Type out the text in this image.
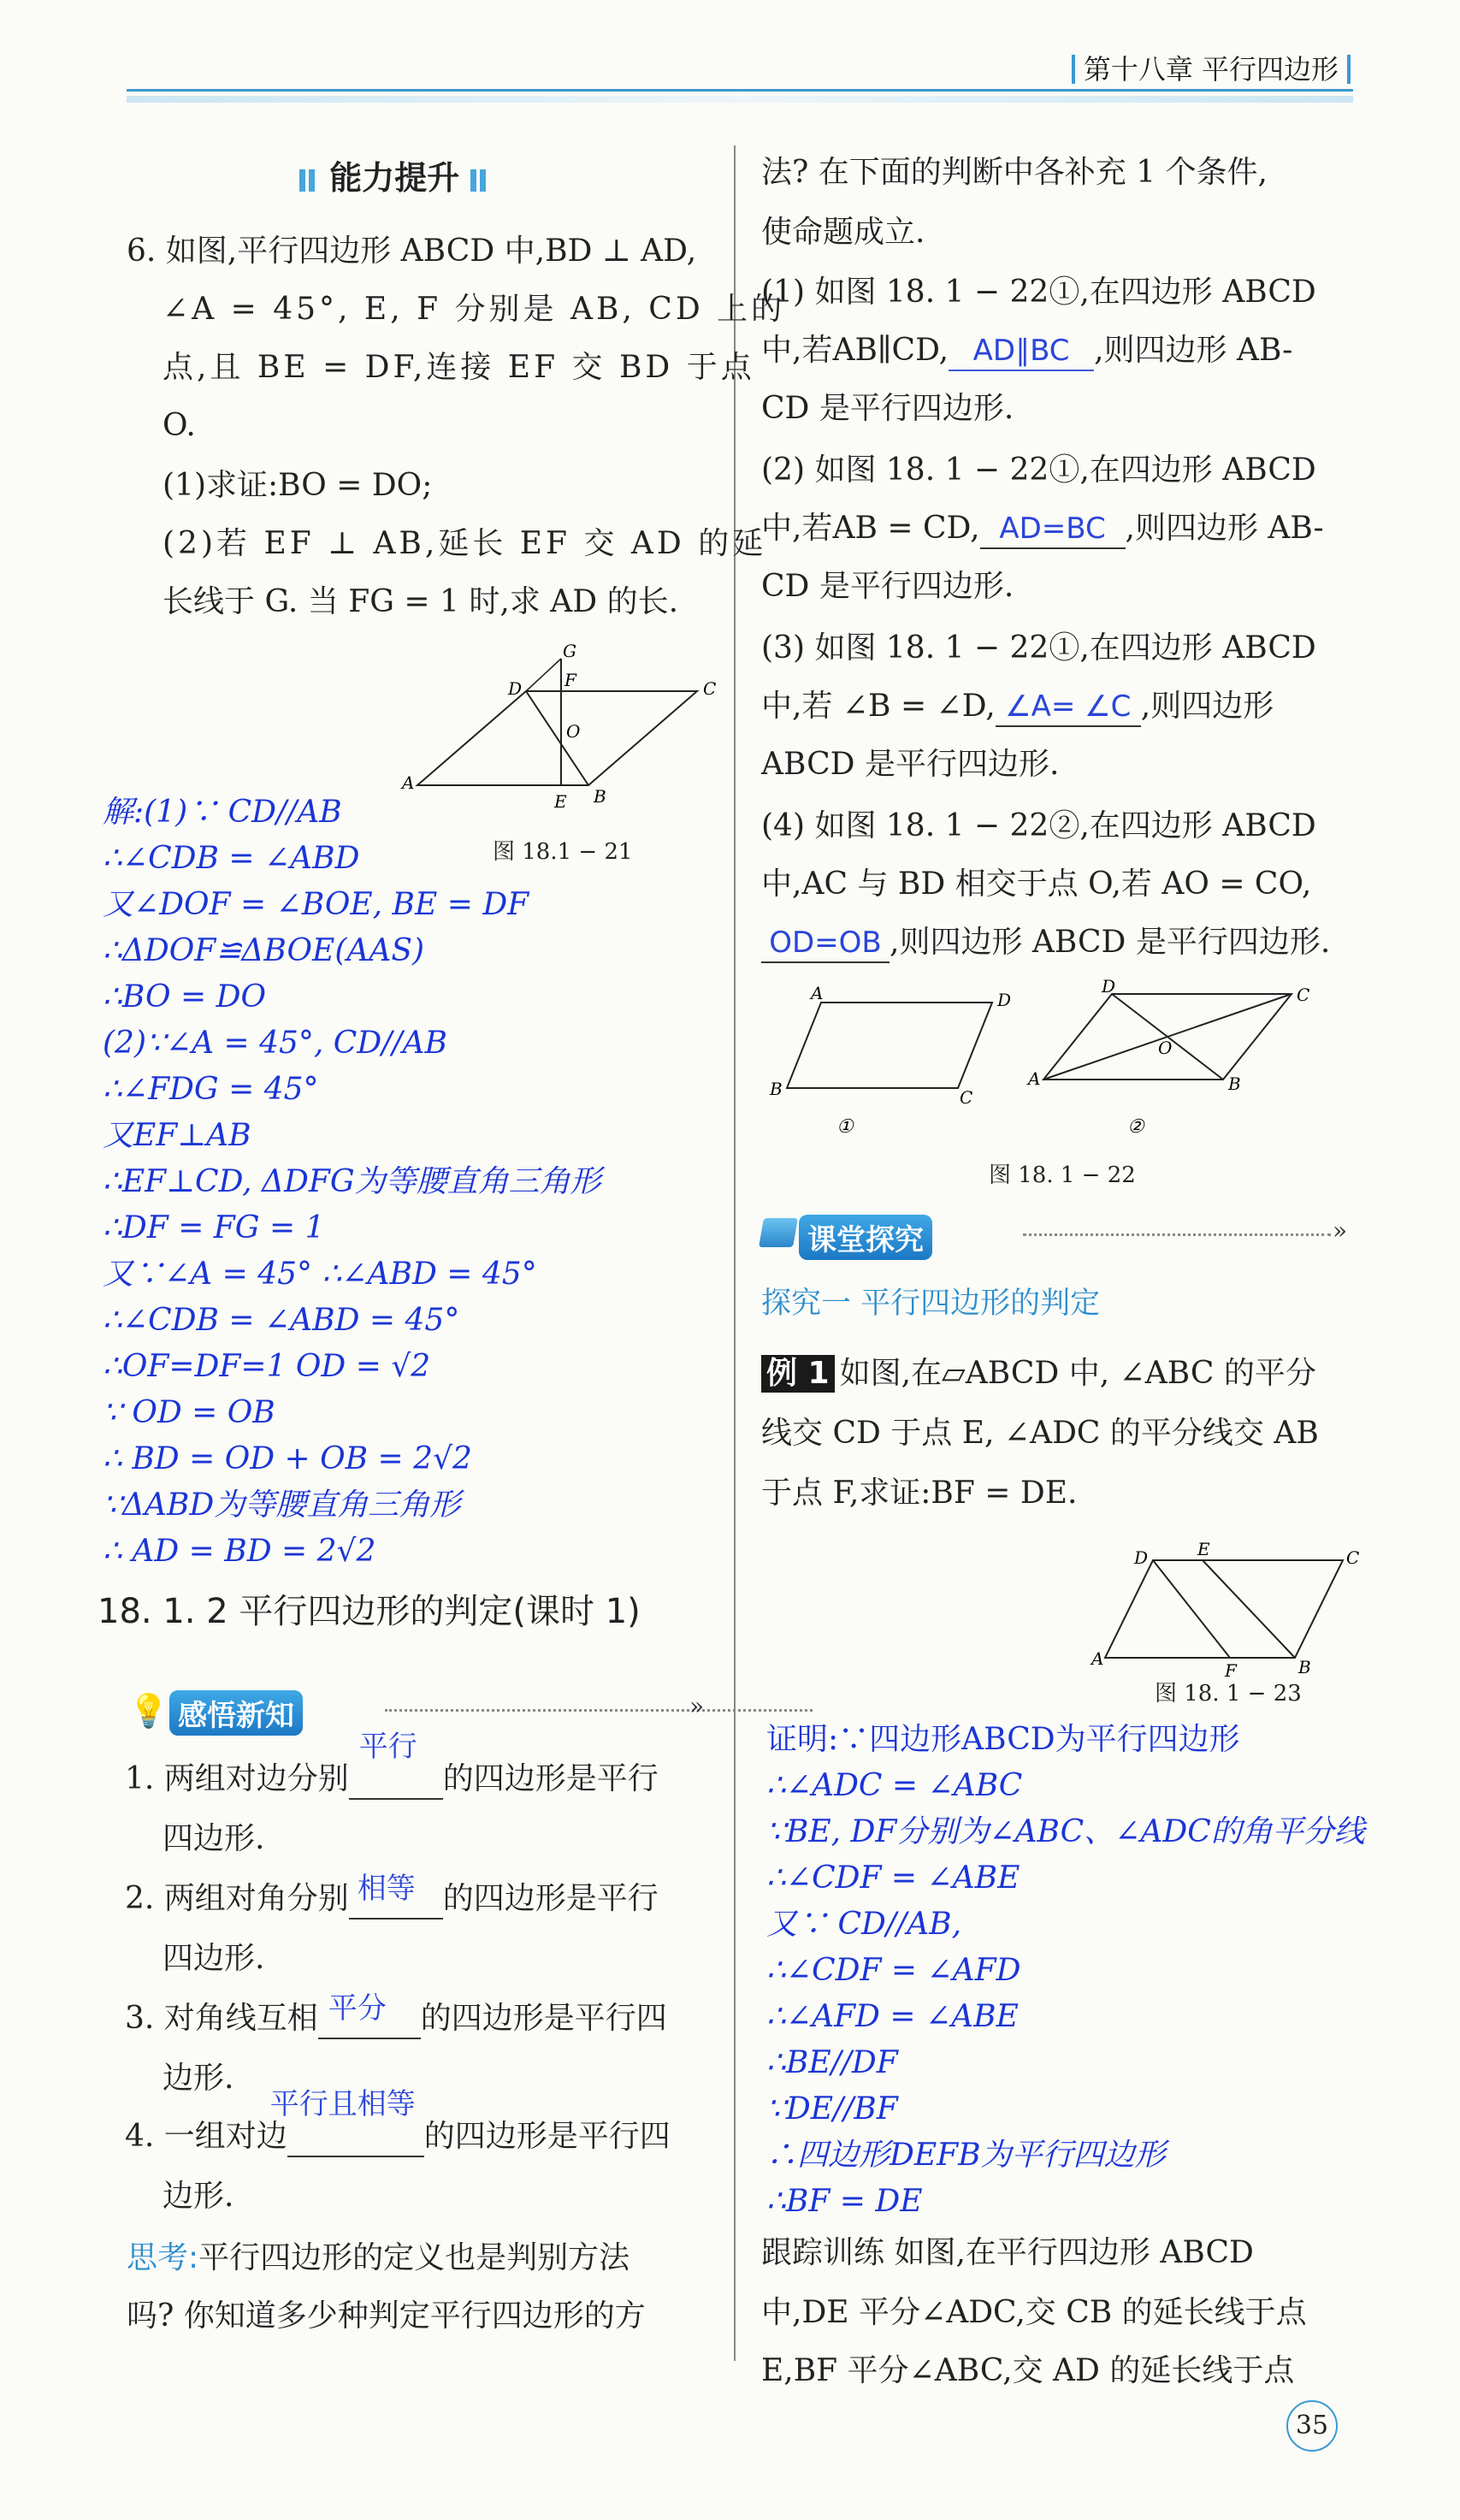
第十八章 平行四边形
能力提升
6. 如图,平行四边形 ABCD 中,BD ⊥ AD,
∠A = 45°, E, F 分别是 AB, CD 上的
点,且 BE = DF,连接 EF 交 BD 于点
O.
(1)求证:BO = DO;
(2)若 EF ⊥ AB,延长 EF 交 AD 的延
长线于 G. 当 FG = 1 时,求 AD 的长.
G
D F	C
O
A
E B
图 18.1 − 21
解:(1)∵ CD//AB
∴∠CDB = ∠ABD
又∠DOF = ∠BOE, BE = DF
∴ΔDOF≌ΔBOE(AAS)
∴BO = DO
(2)∵∠A = 45°, CD//AB
∴∠FDG = 45°
又EF⊥AB
∴EF⊥CD, ΔDFG为等腰直角三角形
∴DF = FG = 1
又∵∠A = 45° ∴∠ABD = 45°
∴∠CDB = ∠ABD = 45°
∴OF=DF=1 OD = √2
∵ OD = OB
∴ BD = OD + OB = 2√2
∵ΔABD为等腰直角三角形
∴ AD = BD = 2√2
18. 1. 2 平行四边形的判定(课时 1)
💡 感悟新知	»
1. 两组对边分别
平行
的四边形是平行
四边形.
2. 两组对角分别 相等 的四边形是平行
四边形.
3. 对角线互相 平分 的四边形是平行四
边形.
4. 一组对边
平行且相等
的四边形是平行四
边形.
思考:平行四边形的定义也是判别方法
吗? 你知道多少种判定平行四边形的方
法? 在下面的判断中各补充 1 个条件,
使命题成立.
(1) 如图 18. 1 − 22①,在四边形 ABCD
中,若AB∥CD, AD∥BC ,则四边形 AB-
CD 是平行四边形.
(2) 如图 18. 1 − 22①,在四边形 ABCD
中,若AB = CD, AD=BC ,则四边形 AB-
CD 是平行四边形.
(3) 如图 18. 1 − 22①,在四边形 ABCD
中,若 ∠B = ∠D, ∠A= ∠C ,则四边形
ABCD 是平行四边形.
(4) 如图 18. 1 − 22②,在四边形 ABCD
中,AC 与 BD 相交于点 O,若 AO = CO,
OD=OB ,则四边形 ABCD 是平行四边形.
①
A	D
B	C
②
D	C
A	B
O
图 18. 1 − 22
课堂探究	»
探究一 平行四边形的判定
例 1 如图,在▱ABCD 中, ∠ABC 的平分
线交 CD 于点 E, ∠ADC 的平分线交 AB
于点 F,求证:BF = DE.
D	E	C
A
F	B
图 18. 1 − 23
证明:∵四边形ABCD为平行四边形
∴∠ADC = ∠ABC
∵BE, DF分别为∠ABC、∠ADC的角平分线
∴∠CDF = ∠ABE
又∵ CD//AB,
∴∠CDF = ∠AFD
∴∠AFD = ∠ABE
∴BE//DF
∵DE//BF
∴四边形DEFB为平行四边形
∴BF = DE
跟踪训练 如图,在平行四边形 ABCD
中,DE 平分∠ADC,交 CB 的延长线于点
E,BF 平分∠ABC,交 AD 的延长线于点
35
